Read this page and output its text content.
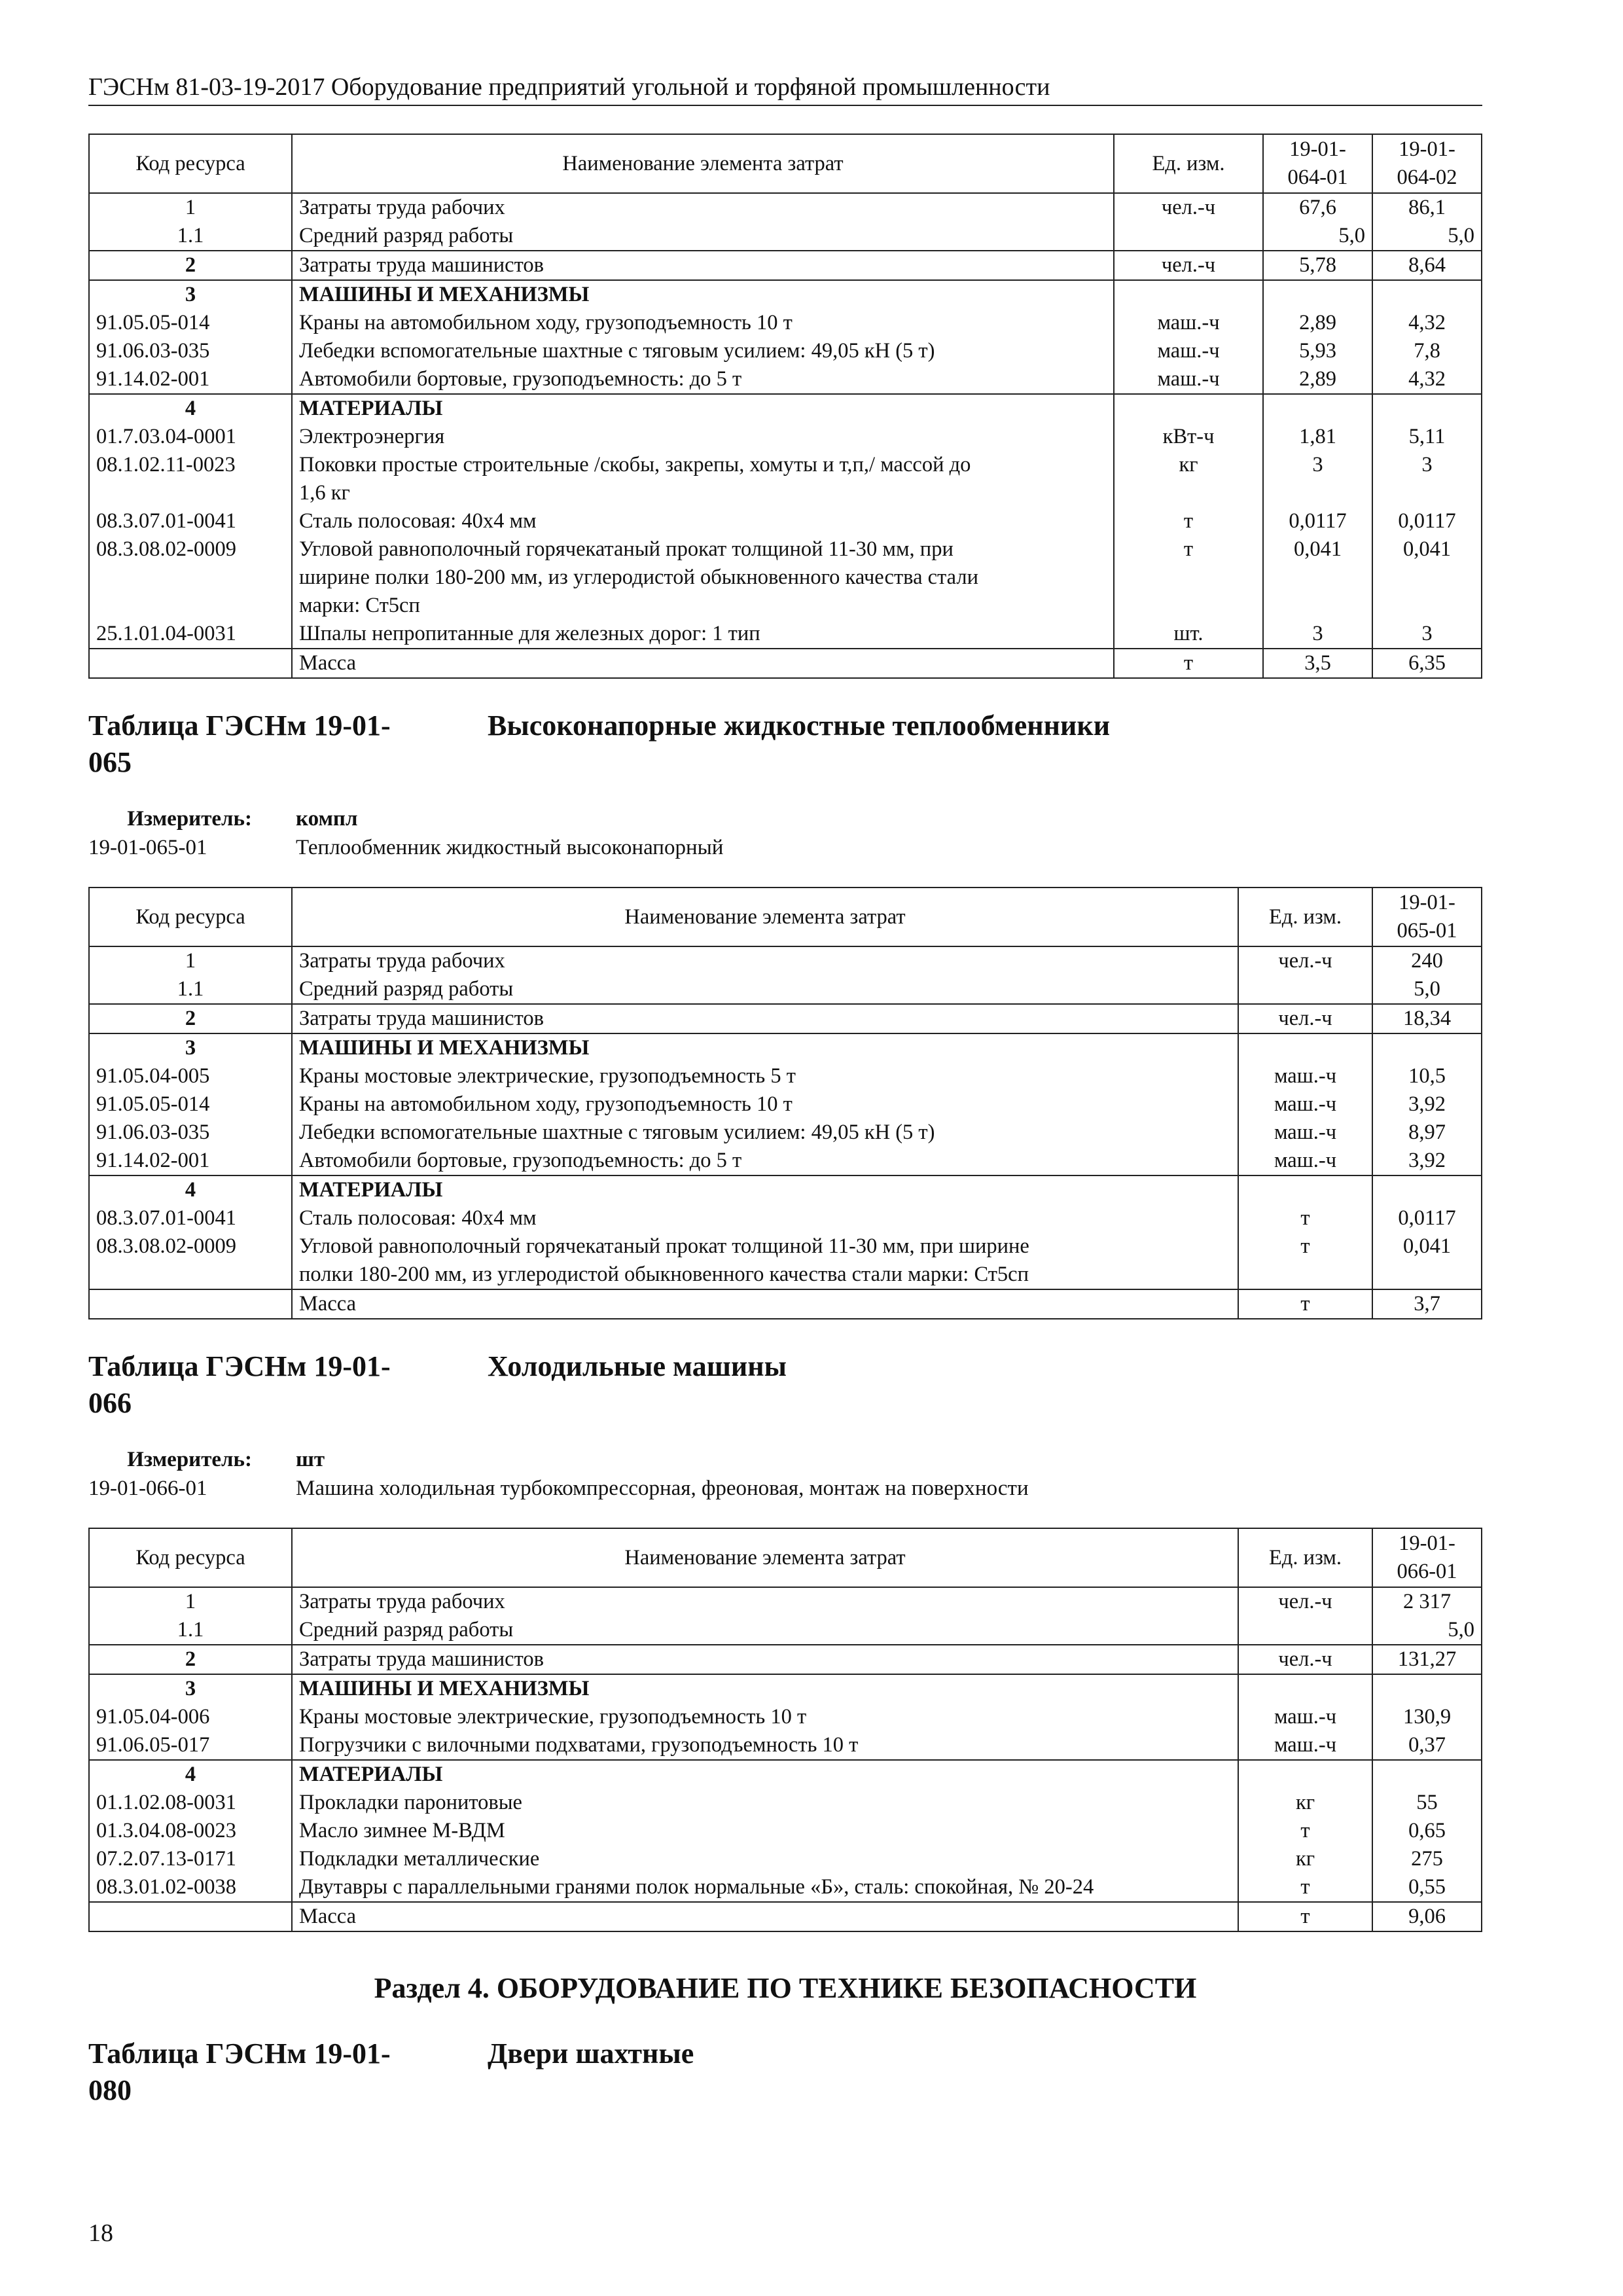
ГЭСНм 81-03-19-2017 Оборудование предприятий угольной и торфяной промышленности
Код ресурса	Наименование элемента затрат	Ед. изм.	19-01-
064-01	19-01-
064-02
1	Затраты труда рабочих	чел.-ч	67,6	86,1
1.1	Средний разряд работы		5,0	5,0
2	Затраты труда машинистов	чел.-ч	5,78	8,64
3	МАШИНЫ И МЕХАНИЗМЫ			
91.05.05-014	Краны на автомобильном ходу, грузоподъемность 10 т	маш.-ч	2,89	4,32
91.06.03-035	Лебедки вспомогательные шахтные с тяговым усилием: 49,05 кН (5 т)	маш.-ч	5,93	7,8
91.14.02-001	Автомобили бортовые, грузоподъемность: до 5 т	маш.-ч	2,89	4,32
4	МАТЕРИАЛЫ			
01.7.03.04-0001	Электроэнергия	кВт-ч	1,81	5,11
08.1.02.11-0023	Поковки простые строительные /скобы, закрепы, хомуты и т,п,/ массой до
1,6 кг	кг	3	3
08.3.07.01-0041	Сталь полосовая: 40х4 мм	т	0,0117	0,0117
08.3.08.02-0009	Угловой равнополочный горячекатаный прокат толщиной 11-30 мм, при
ширине полки 180-200 мм, из углеродистой обыкновенного качества стали
марки: Ст5сп	т	0,041	0,041
25.1.01.04-0031	Шпалы непропитанные для железных дорог: 1 тип	шт.	3	3
	Масса	т	3,5	6,35
Таблица ГЭСНм 19-01-
065
Высоконапорные жидкостные теплообменники
Измеритель: компл
19-01-065-01	Теплообменник жидкостный высоконапорный
Код ресурса	Наименование элемента затрат	Ед. изм.	19-01-
065-01
1	Затраты труда рабочих	чел.-ч	240
1.1	Средний разряд работы		5,0
2	Затраты труда машинистов	чел.-ч	18,34
3	МАШИНЫ И МЕХАНИЗМЫ		
91.05.04-005	Краны мостовые электрические, грузоподъемность 5 т	маш.-ч	10,5
91.05.05-014	Краны на автомобильном ходу, грузоподъемность 10 т	маш.-ч	3,92
91.06.03-035	Лебедки вспомогательные шахтные с тяговым усилием: 49,05 кН (5 т)	маш.-ч	8,97
91.14.02-001	Автомобили бортовые, грузоподъемность: до 5 т	маш.-ч	3,92
4	МАТЕРИАЛЫ		
08.3.07.01-0041	Сталь полосовая: 40х4 мм	т	0,0117
08.3.08.02-0009	Угловой равнополочный горячекатаный прокат толщиной 11-30 мм, при ширине
полки 180-200 мм, из углеродистой обыкновенного качества стали марки: Ст5сп	т	0,041
	Масса	т	3,7
Таблица ГЭСНм 19-01-
066
Холодильные машины
Измеритель: шт
19-01-066-01	Машина холодильная турбокомпрессорная, фреоновая, монтаж на поверхности
Код ресурса	Наименование элемента затрат	Ед. изм.	19-01-
066-01
1	Затраты труда рабочих	чел.-ч	2 317
1.1	Средний разряд работы		5,0
2	Затраты труда машинистов	чел.-ч	131,27
3	МАШИНЫ И МЕХАНИЗМЫ		
91.05.04-006	Краны мостовые электрические, грузоподъемность 10 т	маш.-ч	130,9
91.06.05-017	Погрузчики с вилочными подхватами, грузоподъемность 10 т	маш.-ч	0,37
4	МАТЕРИАЛЫ		
01.1.02.08-0031	Прокладки паронитовые	кг	55
01.3.04.08-0023	Масло зимнее М-ВДМ	т	0,65
07.2.07.13-0171	Подкладки металлические	кг	275
08.3.01.02-0038	Двутавры с параллельными гранями полок нормальные «Б», сталь: спокойная, № 20-24	т	0,55
	Масса	т	9,06
Раздел 4. ОБОРУДОВАНИЕ ПО ТЕХНИКЕ БЕЗОПАСНОСТИ
Таблица ГЭСНм 19-01-
080
Двери шахтные
18
